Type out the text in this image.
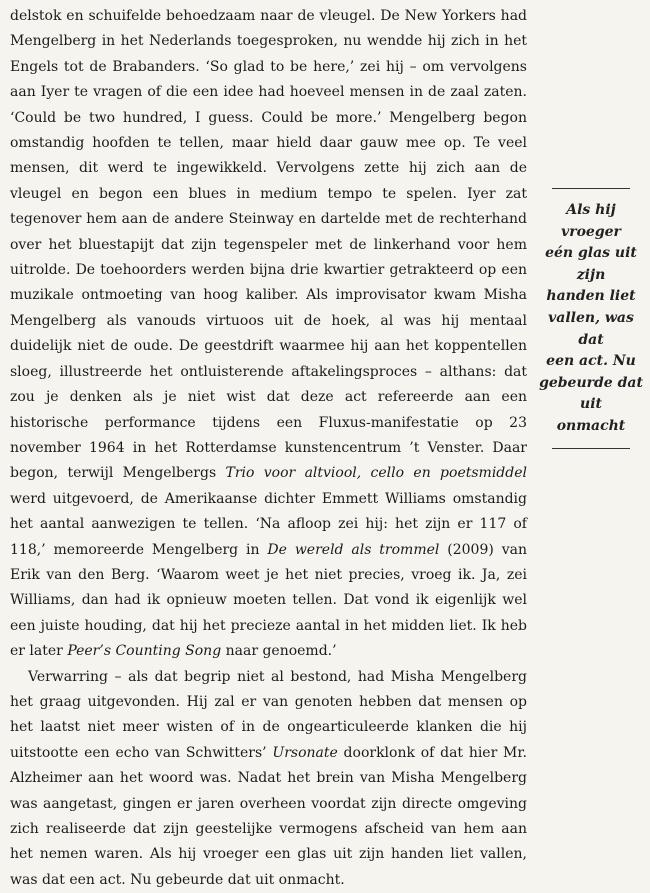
delstok en schuifelde behoedzaam naar de vleugel. De New Yorkers had Mengelberg in het Nederlands toegesproken, nu wendde hij zich in het Engels tot de Brabanders. ‘So glad to be here,’ zei hij – om vervolgens aan Iyer te vragen of die een idee had hoeveel mensen in de zaal zaten. ‘Could be two hundred, I guess. Could be more.’ Mengelberg begon omstandig hoofden te tellen, maar hield daar gauw mee op. Te veel mensen, dit werd te ingewikkeld. Vervolgens zette hij zich aan de vleugel en begon een blues in medium tempo te spelen. Iyer zat tegenover hem aan de andere Steinway en dartelde met de rechterhand over het bluestapijt dat zijn tegenspeler met de linkerhand voor hem uitrolde. De toehoorders werden bijna drie kwartier getrakteerd op een muzikale ontmoeting van hoog kaliber. Als improvisator kwam Misha Mengelberg als vanouds virtuoos uit de hoek, al was hij mentaal duidelijk niet de oude. De geestdrift waarmee hij aan het koppentellen sloeg, illustreerde het ontluisterende aftakelingsproces – althans: dat zou je denken als je niet wist dat deze act refereerde aan een historische performance tijdens een Fluxus-manifestatie op 23 november 1964 in het Rotterdamse kunstencentrum ’t Venster. Daar begon, terwijl Mengelbergs Trio voor altviool, cello en poetsmiddel werd uitgevoerd, de Amerikaanse dichter Emmett Williams omstandig het aantal aanwezigen te tellen. ‘Na afloop zei hij: het zijn er 117 of 118,’ memoreerde Mengelberg in De wereld als trommel (2009) van Erik van den Berg. ‘Waarom weet je het niet precies, vroeg ik. Ja, zei Williams, dan had ik opnieuw moeten tellen. Dat vond ik eigenlijk wel een juiste houding, dat hij het precieze aantal in het midden liet. Ik heb er later Peer’s Counting Song naar genoemd.’

Verwarring – als dat begrip niet al bestond, had Misha Mengelberg het graag uitgevonden. Hij zal er van genoten hebben dat mensen op het laatst niet meer wisten of in de ongearticuleerde klanken die hij uitstootte een echo van Schwitters’ Ursonate doorklonk of dat hier Mr. Alzheimer aan het woord was. Nadat het brein van Misha Mengelberg was aangetast, gingen er jaren overheen voordat zijn directe omgeving zich realiseerde dat zijn geestelijke vermogens afscheid van hem aan het nemen waren. Als hij vroeger een glas uit zijn handen liet vallen, was dat een act. Nu gebeurde dat uit onmacht.

Als hij vroeger
eén glas uit zijn
handen liet
vallen, was dat
een act. Nu
gebeurde dat uit
onmacht
